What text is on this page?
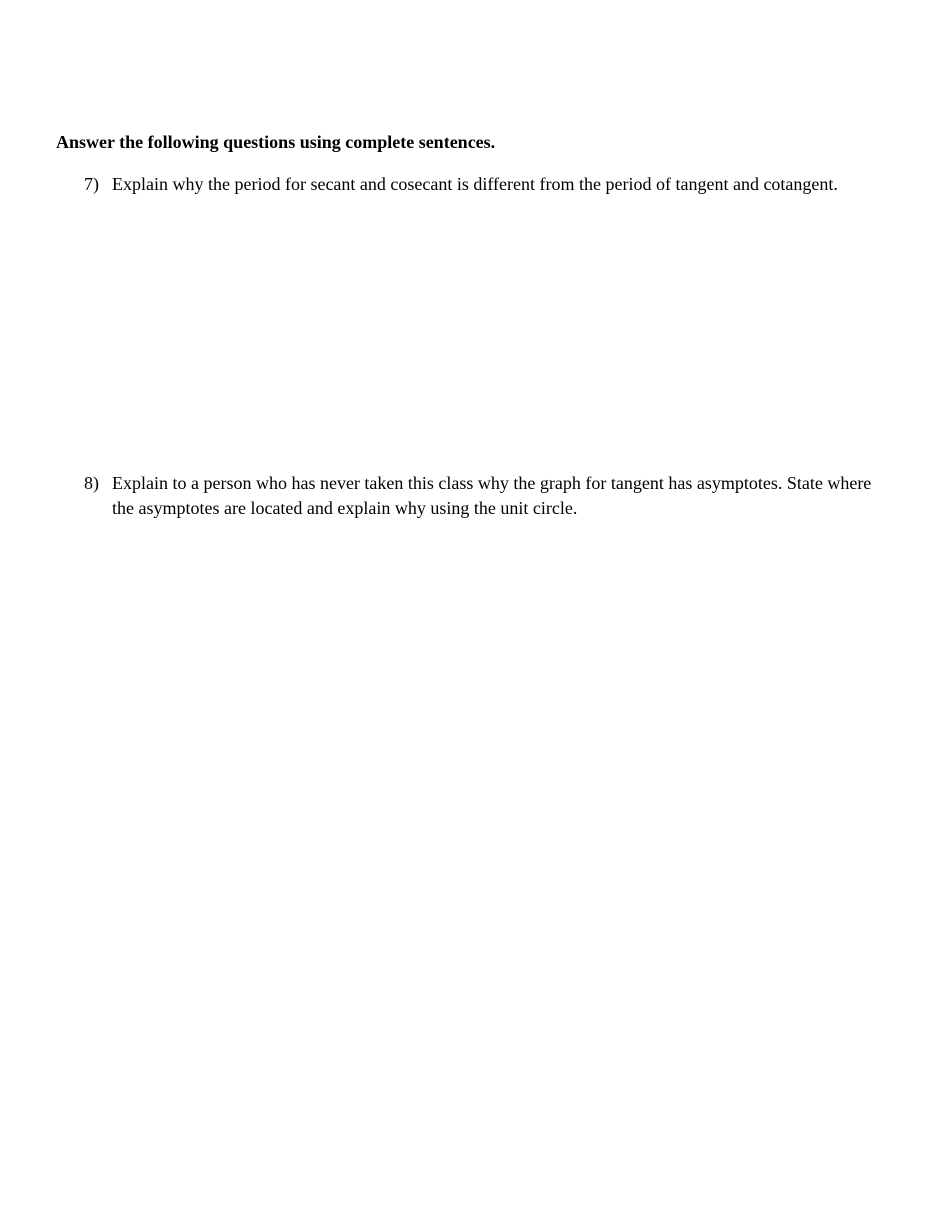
Answer the following questions using complete sentences.
7) Explain why the period for secant and cosecant is different from the period of tangent and cotangent.
8) Explain to a person who has never taken this class why the graph for tangent has asymptotes. State where the asymptotes are located and explain why using the unit circle.
